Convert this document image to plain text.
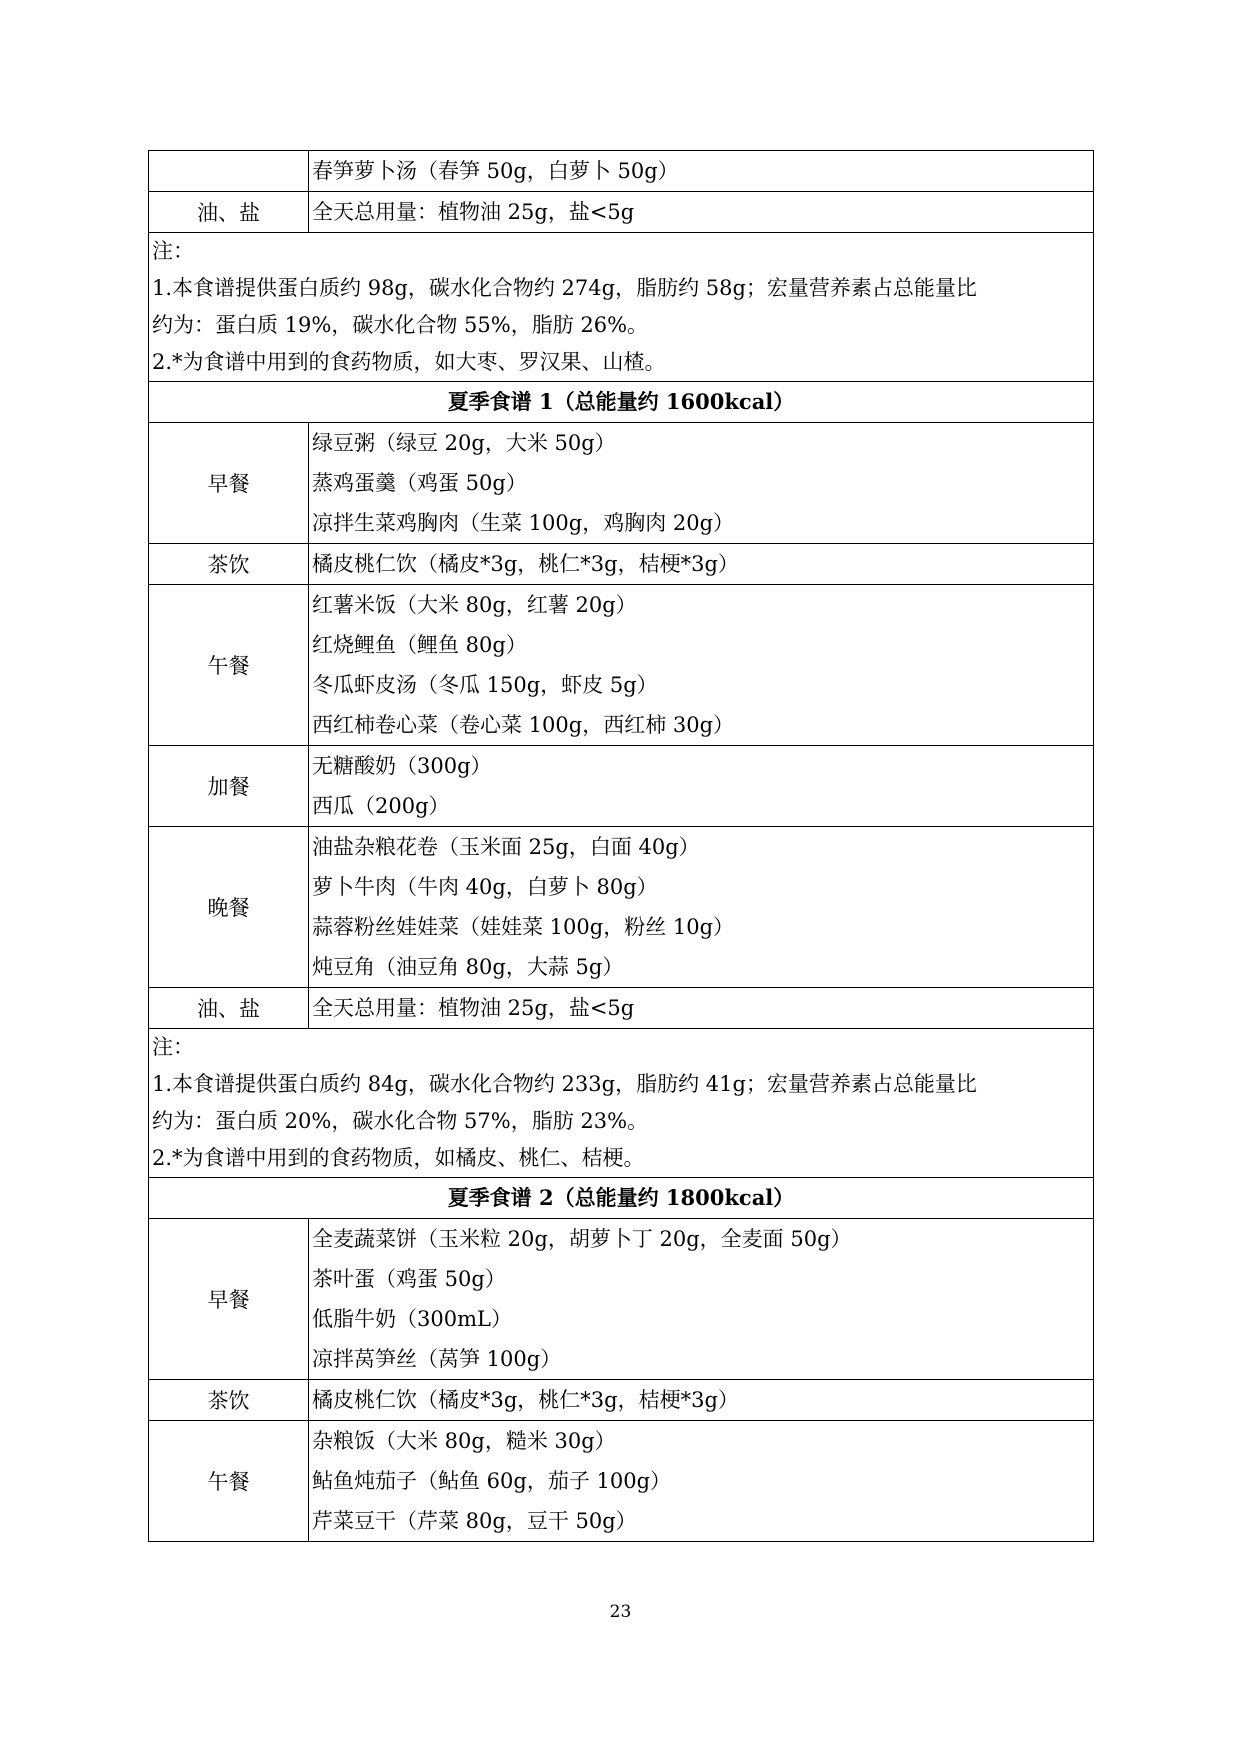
	春笋萝卜汤（春笋 50g，白萝卜 50g）

油、盐	全天总用量：植物油 25g，盐<5g

注：
1.本食谱提供蛋白质约 98g，碳水化合物约 274g，脂肪约 58g；宏量营养素占总能量比
约为：蛋白质 19%，碳水化合物 55%，脂肪 26%。
2.*为食谱中用到的食药物质，如大枣、罗汉果、山楂。	

夏季食谱 1（总能量约 1600kcal）	
早餐	绿豆粥（绿豆 20g，大米 50g）
蒸鸡蛋羹（鸡蛋 50g）
凉拌生菜鸡胸肉（生菜 100g，鸡胸肉 20g）

茶饮	橘皮桃仁饮（橘皮*3g，桃仁*3g，桔梗*3g）

午餐	红薯米饭（大米 80g，红薯 20g）
红烧鲤鱼（鲤鱼 80g）
冬瓜虾皮汤（冬瓜 150g，虾皮 5g）
西红柿卷心菜（卷心菜 100g，西红柿 30g）

加餐	无糖酸奶（300g）
西瓜（200g）

晚餐	油盐杂粮花卷（玉米面 25g，白面 40g）
萝卜牛肉（牛肉 40g，白萝卜 80g）
蒜蓉粉丝娃娃菜（娃娃菜 100g，粉丝 10g）
炖豆角（油豆角 80g，大蒜 5g）

油、盐	全天总用量：植物油 25g，盐<5g

注：
1.本食谱提供蛋白质约 84g，碳水化合物约 233g，脂肪约 41g；宏量营养素占总能量比
约为：蛋白质 20%，碳水化合物 57%，脂肪 23%。
2.*为食谱中用到的食药物质，如橘皮、桃仁、桔梗。	

夏季食谱 2（总能量约 1800kcal）	
早餐	全麦蔬菜饼（玉米粒 20g，胡萝卜丁 20g，全麦面 50g）
茶叶蛋（鸡蛋 50g）
低脂牛奶（300mL）
凉拌莴笋丝（莴笋 100g）

茶饮	橘皮桃仁饮（橘皮*3g，桃仁*3g，桔梗*3g）

午餐	杂粮饭（大米 80g，糙米 30g）
鲇鱼炖茄子（鲇鱼 60g，茄子 100g）
芹菜豆干（芹菜 80g，豆干 50g）
23
